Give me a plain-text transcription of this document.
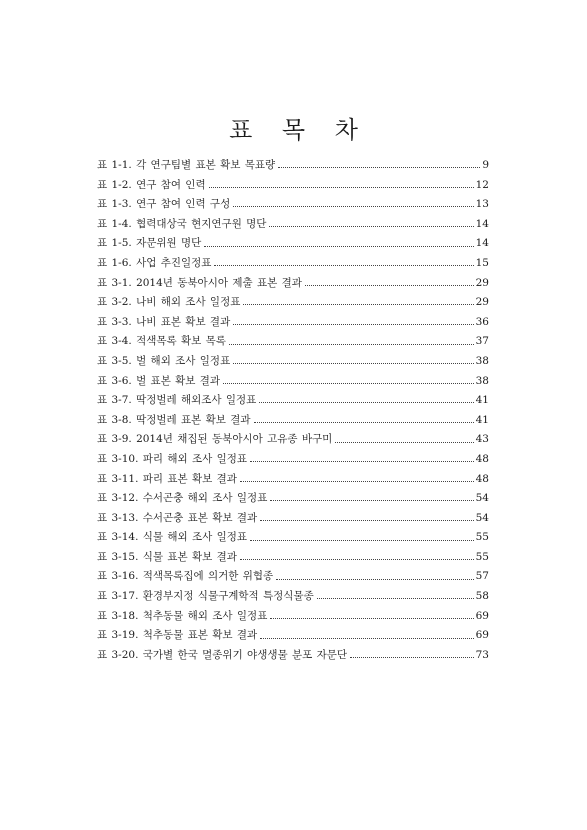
표 목 차
표 1-1. 각 연구팀별 표본 확보 목표량	9
표 1-2. 연구 참여 인력	12
표 1-3. 연구 참여 인력 구성	13
표 1-4. 협력대상국 현지연구원 명단	14
표 1-5. 자문위원 명단	14
표 1-6. 사업 추진일정표	15
표 3-1. 2014년 동북아시아 제출 표본 결과	29
표 3-2. 나비 해외 조사 일정표	29
표 3-3. 나비 표본 확보 결과	36
표 3-4. 적색목록 확보 목록	37
표 3-5. 벌 해외 조사 일정표	38
표 3-6. 벌 표본 확보 결과	38
표 3-7. 딱정벌레 해외조사 일정표	41
표 3-8. 딱정벌레 표본 확보 결과	41
표 3-9. 2014년 채집된 동북아시아 고유종 바구미	43
표 3-10. 파리 해외 조사 일정표	48
표 3-11. 파리 표본 확보 결과	48
표 3-12. 수서곤충 해외 조사 일정표	54
표 3-13. 수서곤충 표본 확보 결과	54
표 3-14. 식물 해외 조사 일정표	55
표 3-15. 식물 표본 확보 결과	55
표 3-16. 적색목록집에 의거한 위협종	57
표 3-17. 환경부지정 식물구계학적 특정식물종	58
표 3-18. 척추동물 해외 조사 일정표	69
표 3-19. 척추동물 표본 확보 결과	69
표 3-20. 국가별 한국 멸종위기 야생생물 분포 자문단	73
